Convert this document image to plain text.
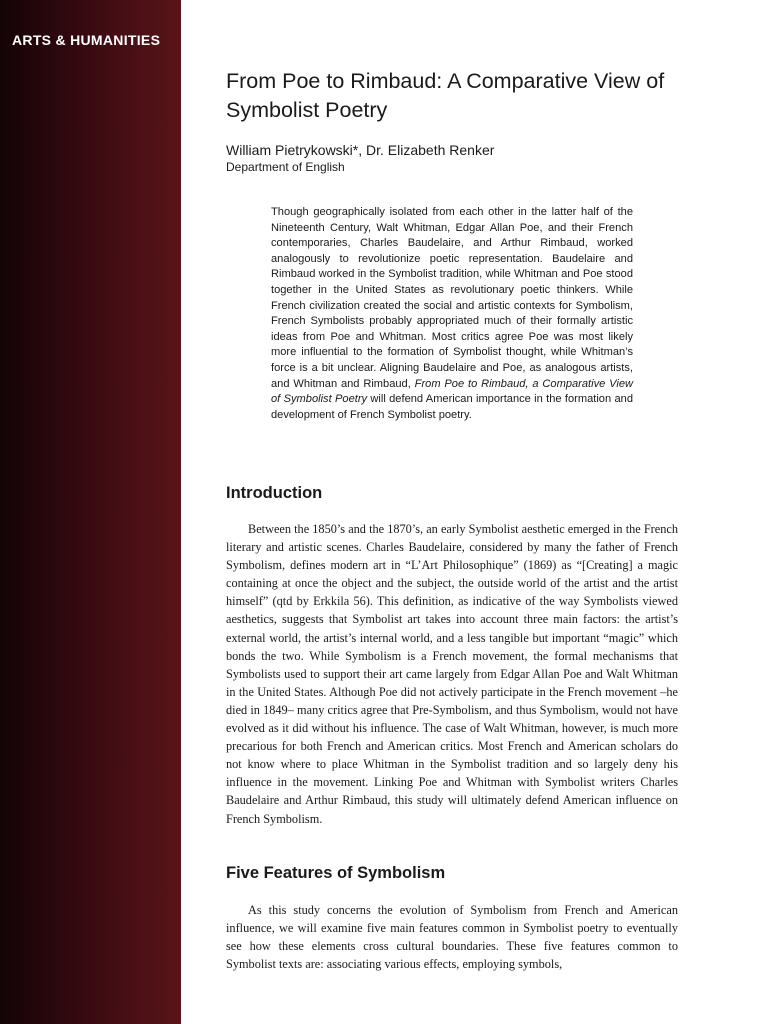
ARTS & HUMANITIES

From Poe to Rimbaud: A Comparative View of Symbolist Poetry

William Pietrykowski*, Dr. Elizabeth Renker

Department of English

Though geographically isolated from each other in the latter half of the Nineteenth Century, Walt Whitman, Edgar Allan Poe, and their French contemporaries, Charles Baudelaire, and Arthur Rimbaud, worked analogously to revolutionize poetic representation. Baudelaire and Rimbaud worked in the Symbolist tradition, while Whitman and Poe stood together in the United States as revolutionary poetic thinkers. While French civilization created the social and artistic contexts for Symbolism, French Symbolists probably appropriated much of their formally artistic ideas from Poe and Whitman. Most critics agree Poe was most likely more influential to the formation of Symbolist thought, while Whitman’s force is a bit unclear. Aligning Baudelaire and Poe, as analogous artists, and Whitman and Rimbaud, From Poe to Rimbaud, a Comparative View of Symbolist Poetry will defend American importance in the formation and development of French Symbolist poetry.

Introduction

Between the 1850’s and the 1870’s, an early Symbolist aesthetic emerged in the French literary and artistic scenes. Charles Baudelaire, considered by many the father of French Symbolism, defines modern art in “L’Art Philosophique” (1869) as “[Creating] a magic containing at once the object and the subject, the outside world of the artist and the artist himself” (qtd by Erkkila 56). This definition, as indicative of the way Symbolists viewed aesthetics, suggests that Symbolist art takes into account three main factors: the artist’s external world, the artist’s internal world, and a less tangible but important “magic” which bonds the two. While Symbolism is a French movement, the formal mechanisms that Symbolists used to support their art came largely from Edgar Allan Poe and Walt Whitman in the United States. Although Poe did not actively participate in the French movement –he died in 1849– many critics agree that Pre-Symbolism, and thus Symbolism, would not have evolved as it did without his influence. The case of Walt Whitman, however, is much more precarious for both French and American critics. Most French and American scholars do not know where to place Whitman in the Symbolist tradition and so largely deny his influence in the movement. Linking Poe and Whitman with Symbolist writers Charles Baudelaire and Arthur Rimbaud, this study will ultimately defend American influence on French Symbolism.

Five Features of Symbolism

As this study concerns the evolution of Symbolism from French and American influence, we will examine five main features common in Symbolist poetry to eventually see how these elements cross cultural boundaries. These five features common to Symbolist texts are: associating various effects, employing symbols,
